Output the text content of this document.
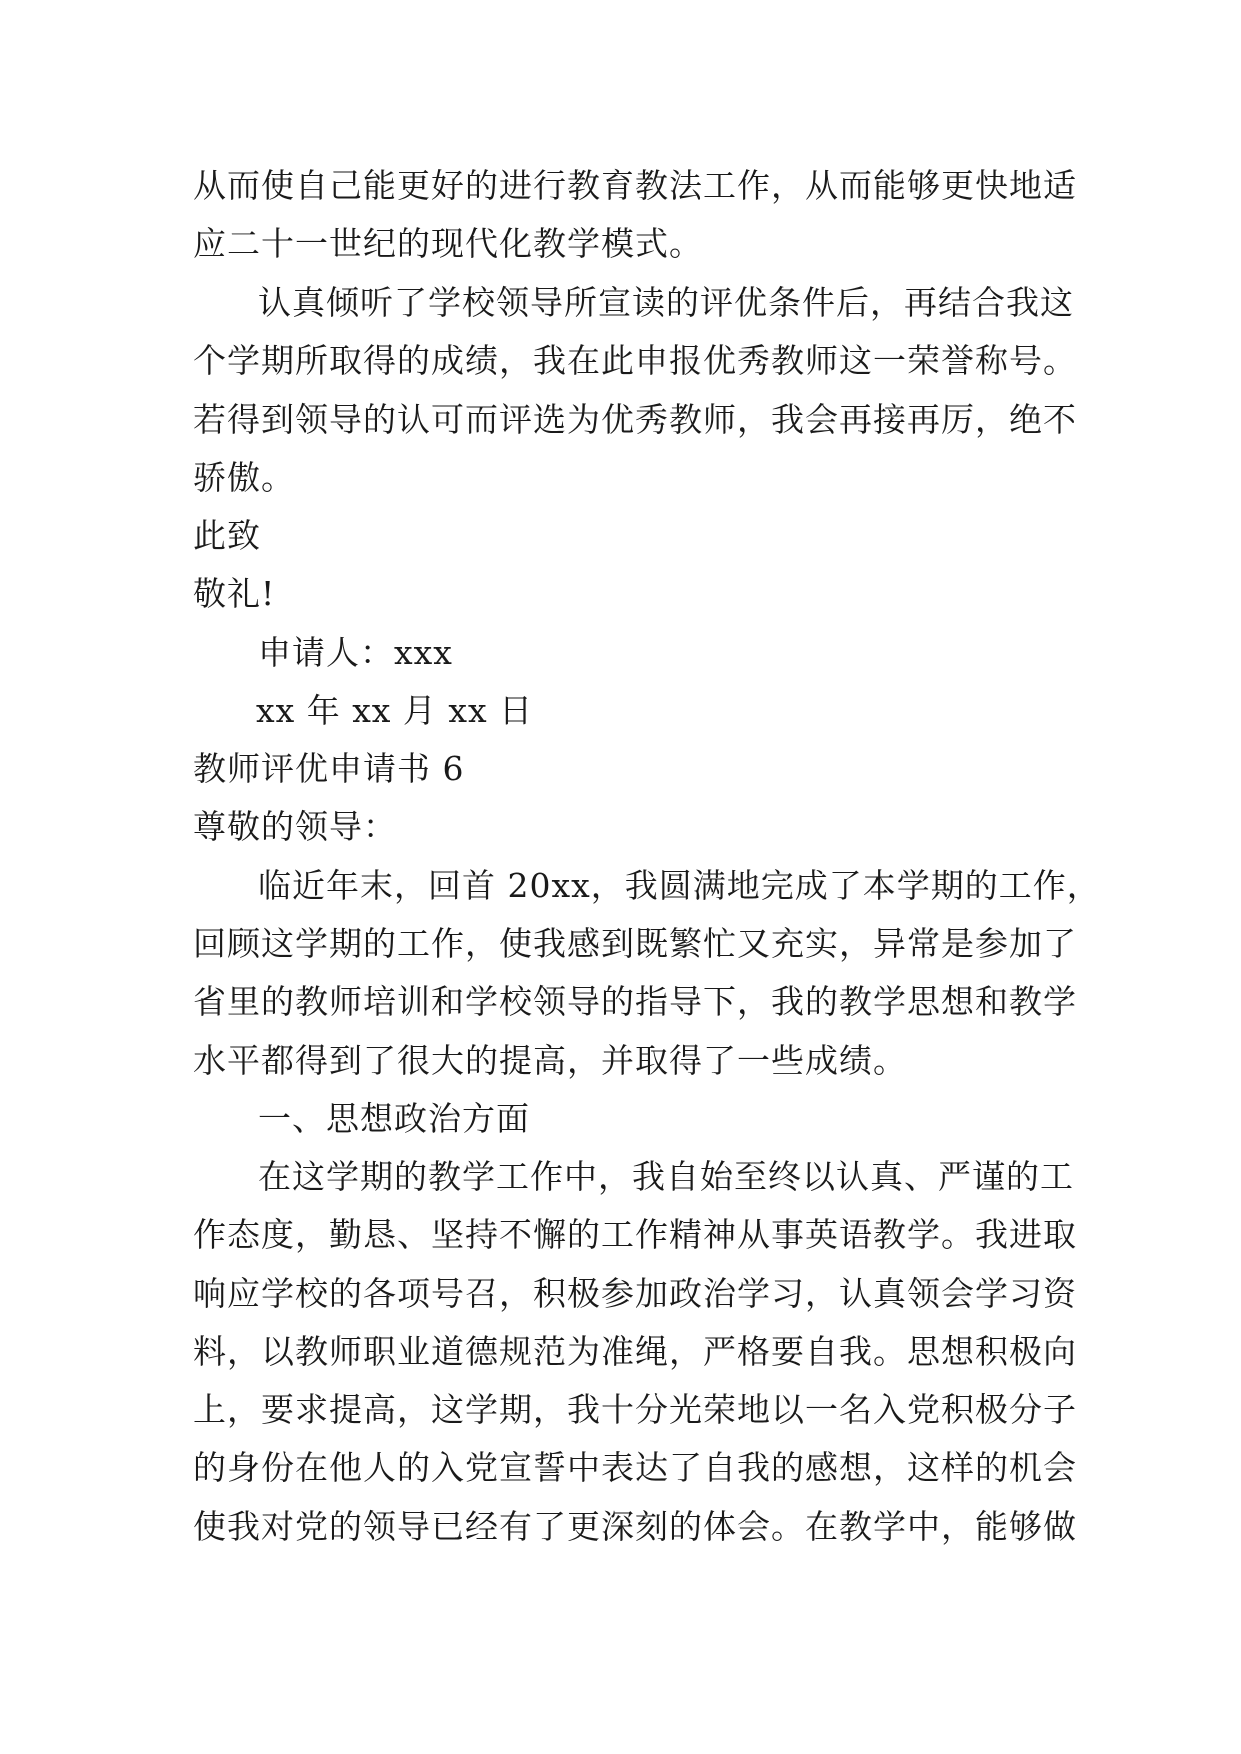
从而使自己能更好的进行教育教法工作，从而能够更快地适
应二十一世纪的现代化教学模式。
认真倾听了学校领导所宣读的评优条件后，再结合我这
个学期所取得的成绩，我在此申报优秀教师这一荣誉称号。
若得到领导的认可而评选为优秀教师，我会再接再厉，绝不
骄傲。
此致
敬礼!
申请人：xxx
xx 年 xx 月 xx 日
教师评优申请书 6
尊敬的领导：
临近年末，回首 20xx，我圆满地完成了本学期的工作，
回顾这学期的工作，使我感到既繁忙又充实，异常是参加了
省里的教师培训和学校领导的指导下，我的教学思想和教学
水平都得到了很大的提高，并取得了一些成绩。
一、思想政治方面
在这学期的教学工作中，我自始至终以认真、严谨的工
作态度，勤恳、坚持不懈的工作精神从事英语教学。我进取
响应学校的各项号召，积极参加政治学习，认真领会学习资
料，以教师职业道德规范为准绳，严格要自我。思想积极向
上，要求提高，这学期，我十分光荣地以一名入党积极分子
的身份在他人的入党宣誓中表达了自我的感想，这样的机会
使我对党的领导已经有了更深刻的体会。在教学中，能够做
